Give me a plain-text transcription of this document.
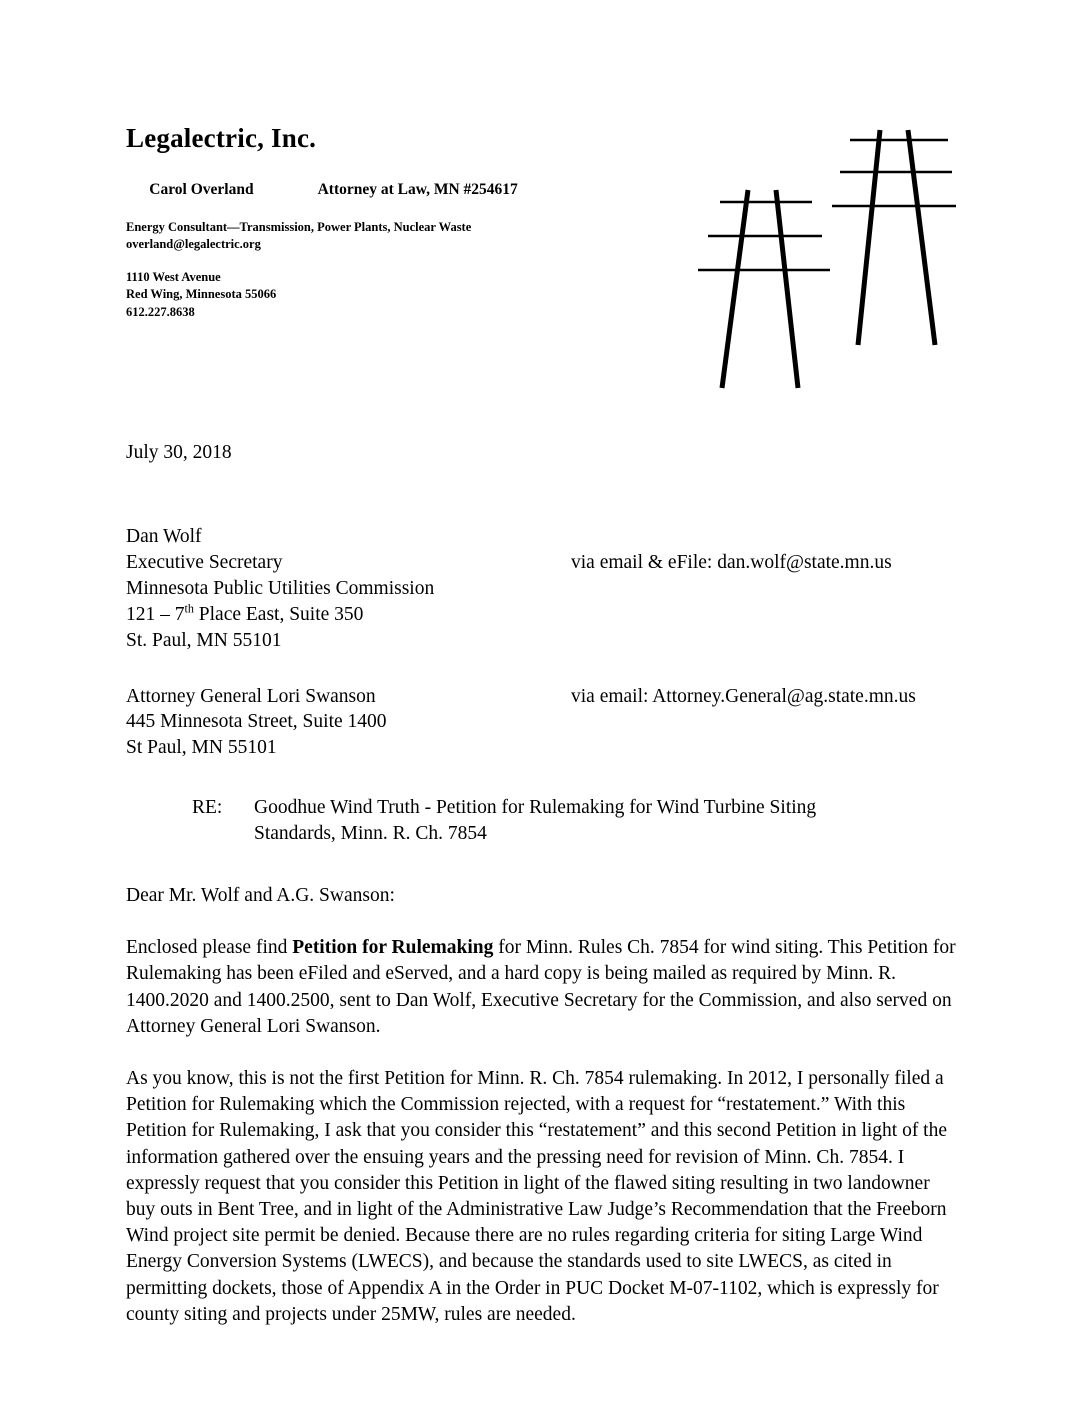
Legalectric, Inc.

Carol Overland	Attorney at Law, MN #254617

Energy Consultant—Transmission, Power Plants, Nuclear Waste
overland@legalectric.org
1110 West Avenue
Red Wing, Minnesota 55066
612.227.8638
July 30, 2018
Dan Wolf
Executive Secretary	via email & eFile: dan.wolf@state.mn.us
Minnesota Public Utilities Commission
121 – 7th Place East, Suite 350
St. Paul, MN 55101
Attorney General Lori Swanson	via email: Attorney.General@ag.state.mn.us
445 Minnesota Street, Suite 1400
St Paul, MN 55101
RE: Goodhue Wind Truth - Petition for Rulemaking for Wind Turbine Siting
Standards, Minn. R. Ch. 7854
Dear Mr. Wolf and A.G. Swanson:

Enclosed please find Petition for Rulemaking for Minn. Rules Ch. 7854 for wind siting. This Petition for Rulemaking has been eFiled and eServed, and a hard copy is being mailed as required by Minn. R. 1400.2020 and 1400.2500, sent to Dan Wolf, Executive Secretary for the Commission, and also served on Attorney General Lori Swanson.

As you know, this is not the first Petition for Minn. R. Ch. 7854 rulemaking. In 2012, I personally filed a Petition for Rulemaking which the Commission rejected, with a request for “restatement.” With this Petition for Rulemaking, I ask that you consider this “restatement” and this second Petition in light of the information gathered over the ensuing years and the pressing need for revision of Minn. Ch. 7854. I expressly request that you consider this Petition in light of the flawed siting resulting in two landowner buy outs in Bent Tree, and in light of the Administrative Law Judge’s Recommendation that the Freeborn Wind project site permit be denied. Because there are no rules regarding criteria for siting Large Wind Energy Conversion Systems (LWECS), and because the standards used to site LWECS, as cited in permitting dockets, those of Appendix A in the Order in PUC Docket M-07-1102, which is expressly for county siting and projects under 25MW, rules are needed.
